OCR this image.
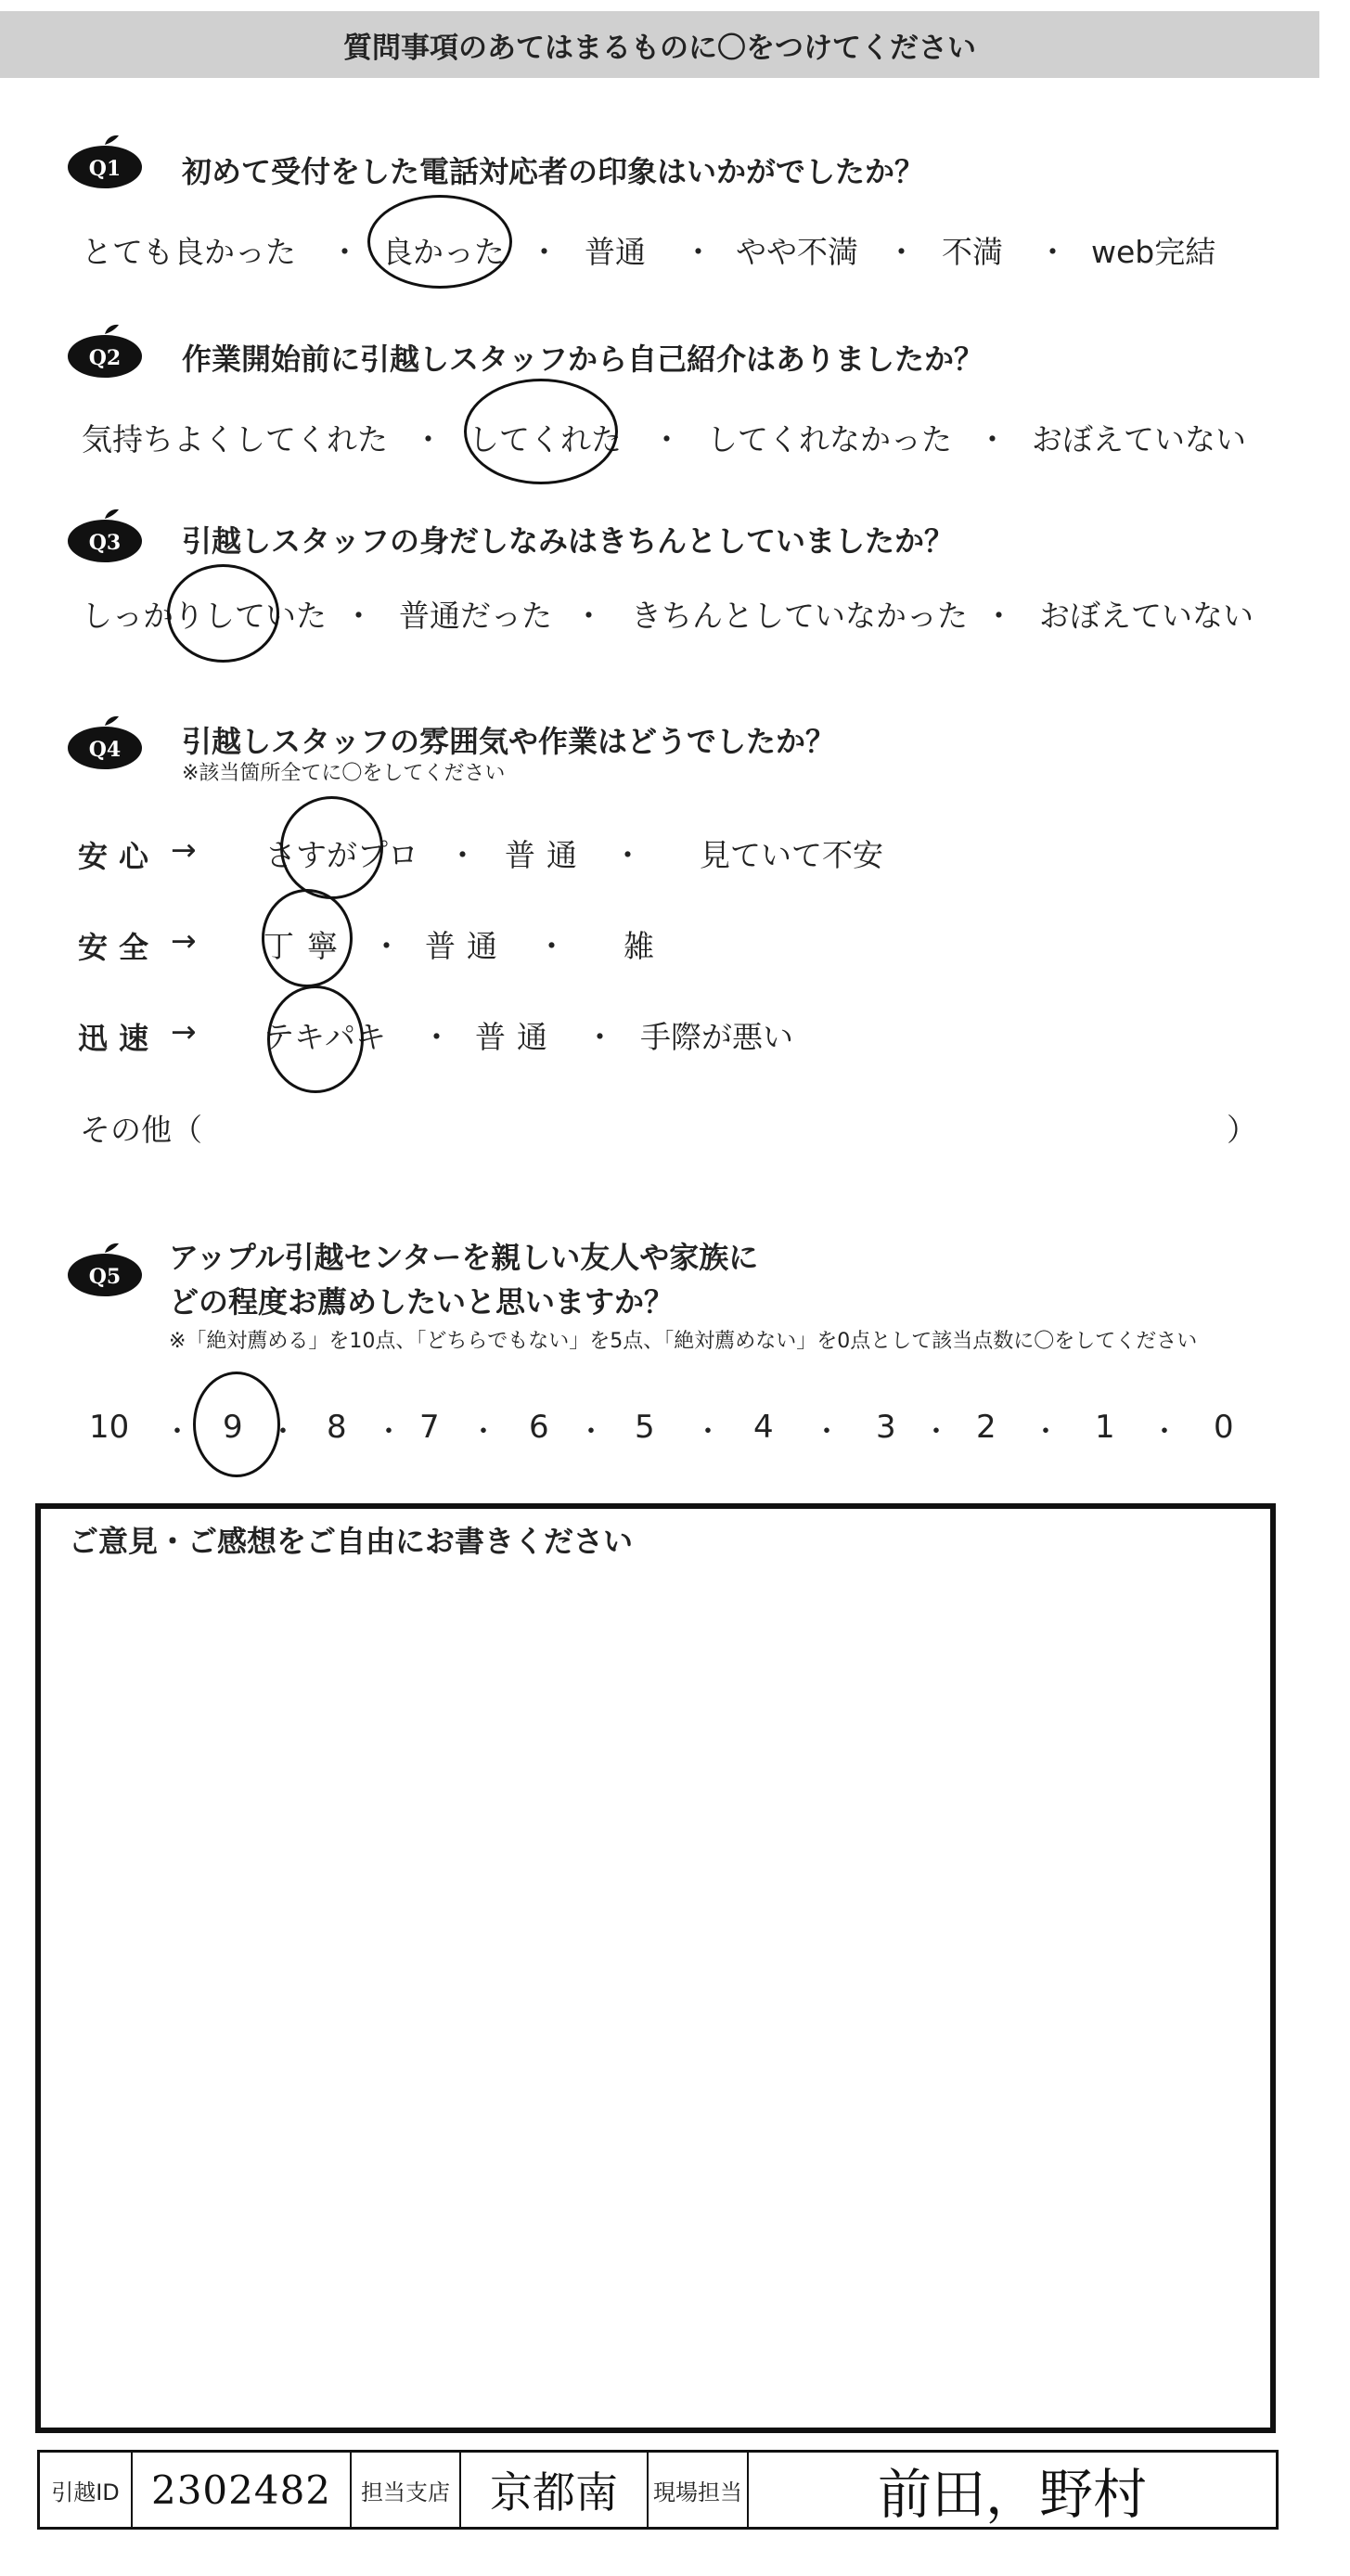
質問事項のあてはまるものに〇をつけてください
Q1 初めて受付をした電話対応者の印象はいかがでしたか？
とても良かった ・ 良かった ・ 普通 ・ やや不満 ・ 不満 ・ web完結
Q2 作業開始前に引越しスタッフから自己紹介はありましたか？
気持ちよくしてくれた ・ してくれた ・ してくれなかった ・ おぼえていない
Q3 引越しスタッフの身だしなみはきちんとしていましたか？
しっかりしていた ・ 普通だった ・ きちんとしていなかった ・ おぼえていない
Q4 引越しスタッフの雰囲気や作業はどうでしたか？
※該当箇所全てに〇をしてください
安心 → さすがプロ ・ 普通 ・ 見ていて不安
安全 → 丁寧 ・ 普通 ・ 雑
迅速 → テキパキ ・ 普通 ・ 手際が悪い
その他（	）
Q5
アップル引越センターを親しい友人や家族に
どの程度お薦めしたいと思いますか？
※「絶対薦める」を10点、「どちらでもない」を5点、「絶対薦めない」を0点として該当点数に〇をしてください
10 ・ 9 ・ 8 ・ 7 ・ 6 ・ 5 ・ 4 ・ 3 ・ 2 ・ 1 ・ 0
ご意見・ご感想をご自由にお書きください
引越ID 2302482 担当支店 京都南 現場担当	前田，野村
